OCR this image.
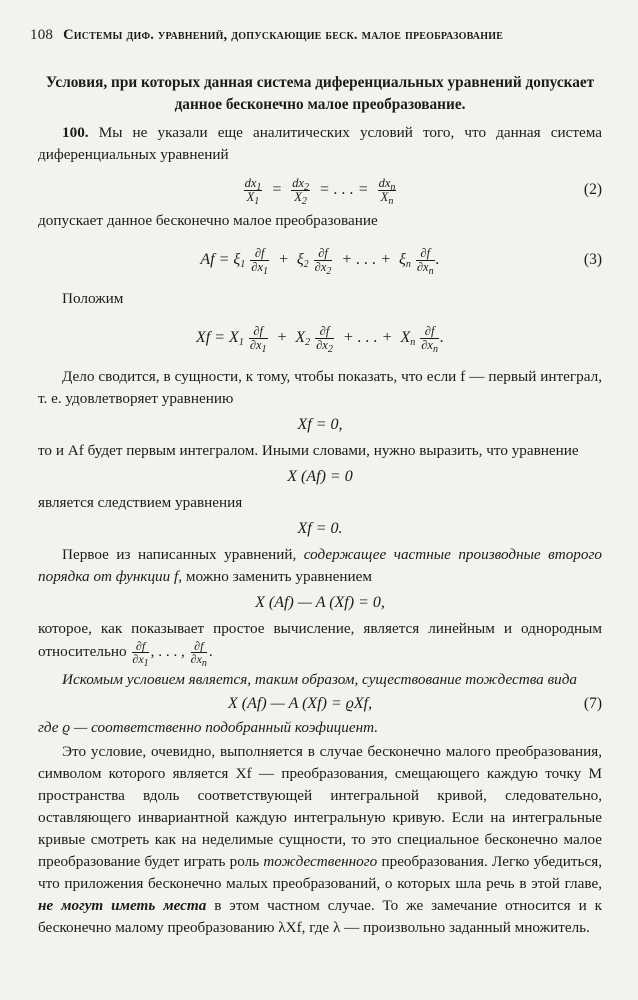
108 Системы диф. уравнений, допускающие беск. малое преобразование
Условия, при которых данная система диференциальных уравнений допускает данное бесконечно малое преобразование.

100. Мы не указали еще аналитических условий того, что данная система диференциальных уравнений

$\frac{dx_1}{X_1} = \frac{dx_2}{X_2}$ = . . . = $\frac{dx_n}{X_n}$	(2)

допускает данное бесконечно малое преобразование

$Af = \xi_1 \frac{\partial f}{\partial x_1} + \xi_2 \frac{\partial f}{\partial x_2}$ + . . . + $\xi_n \frac{\partial f}{\partial x_n}$ .	(3)

Положим

$Xf = X_1 \frac{\partial f}{\partial x_1} + X_2 \frac{\partial f}{\partial x_2}$ + . . . + $X_n \frac{\partial f}{\partial x_n}$ .

Дело сводится, в сущности, к тому, чтобы показать, что если f — первый интеграл, т. е. удовлетворяет уравнению

Xf = 0,

то и Af будет первым интегралом. Иными словами, нужно выразить, что уравнение

X (Af) = 0

является следствием уравнения

Xf = 0.

Первое из написанных уравнений, содержащее частные производные второго порядка от функции f, можно заменить уравнением

X (Af) — A (Xf) = 0,

которое, как показывает простое вычисление, является линейным и однородным относительно $\frac{\partial f}{\partial x_1}$ , . . . , $\frac{\partial f}{\partial x_n}$ .

Искомым условием является, таким образом, существование тождества вида

X (Af) — A (Xf) = ϱXf,	(7)

где ϱ — соответственно подобранный коэфициент.

Это условие, очевидно, выполняется в случае бесконечно малого преобразования, символом которого является Xf — преобразования, смещающего каждую точку M пространства вдоль соответствующей интегральной кривой, следовательно, оставляющего инвариантной каждую интегральную кривую. Если на интегральные кривые смотреть как на неделимые сущности, то это специальное бесконечно малое преобразование будет играть роль тождественного преобразования. Легко убедиться, что приложения бесконечно малых преобразований, о которых шла речь в этой главе, не могут иметь места в этом частном случае. То же замечание относится и к бесконечно малому преобразованию λXf, где λ — произвольно заданный множитель.
